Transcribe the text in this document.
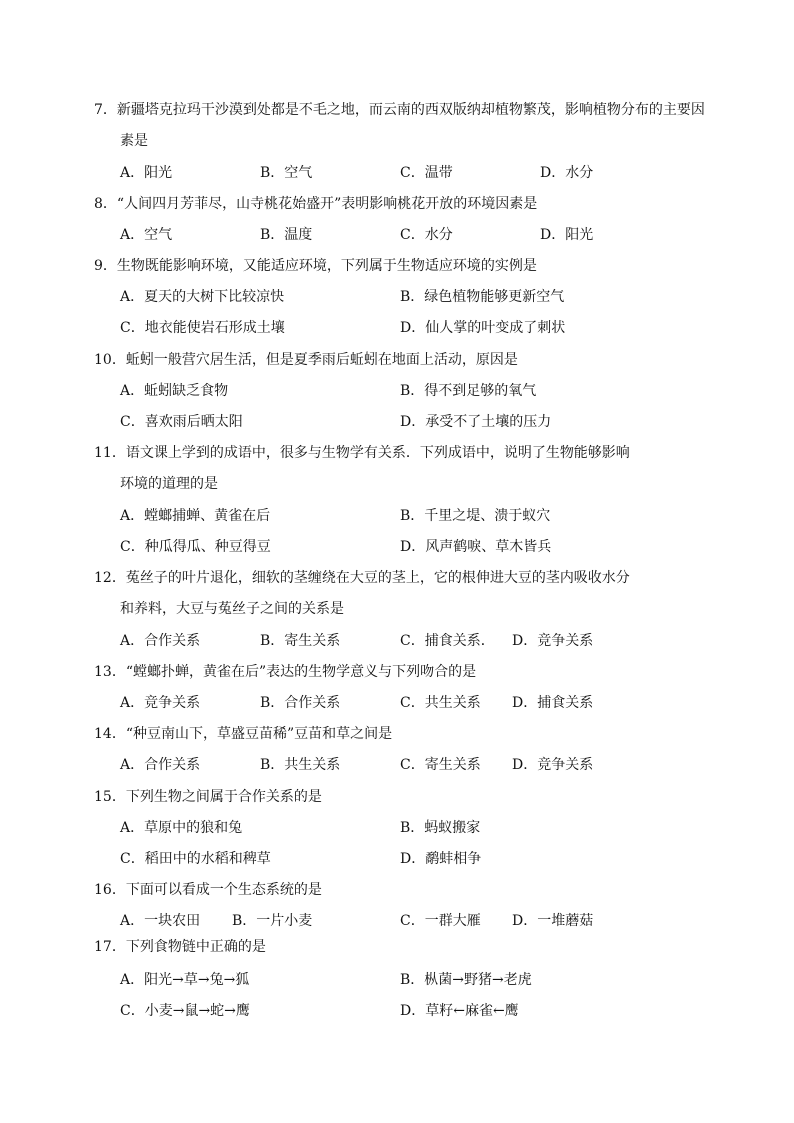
7．新疆塔克拉玛干沙漠到处都是不毛之地，而云南的西双版纳却植物繁茂，影响植物分布的主要因
素是
A．阳光	B．空气	C．温带	D．水分
8．“人间四月芳菲尽，山寺桃花始盛开”表明影响桃花开放的环境因素是
A．空气	B．温度	C．水分	D．阳光
9．生物既能影响环境，又能适应环境，下列属于生物适应环境的实例是
A．夏天的大树下比较凉快	B．绿色植物能够更新空气
C．地衣能使岩石形成土壤	D．仙人掌的叶变成了刺状
10．蚯蚓一般营穴居生活，但是夏季雨后蚯蚓在地面上活动，原因是
A．蚯蚓缺乏食物	B．得不到足够的氧气
C．喜欢雨后晒太阳	D．承受不了土壤的压力
11．语文课上学到的成语中，很多与生物学有关系．下列成语中，说明了生物能够影响
环境的道理的是
A．螳螂捕蝉、黄雀在后	B．千里之堤、溃于蚁穴
C．种瓜得瓜、种豆得豆	D．风声鹤唳、草木皆兵
12．菟丝子的叶片退化，细软的茎缠绕在大豆的茎上，它的根伸进大豆的茎内吸收水分
和养料，大豆与菟丝子之间的关系是
A．合作关系	B．寄生关系	C．捕食关系． D．竞争关系
13．“螳螂扑蝉，黄雀在后”表达的生物学意义与下列吻合的是
A．竞争关系	B．合作关系	C．共生关系 D．捕食关系
14．“种豆南山下，草盛豆苗稀”豆苗和草之间是
A．合作关系	B．共生关系	C．寄生关系 D．竞争关系
15．下列生物之间属于合作关系的是
A．草原中的狼和兔	B．蚂蚁搬家
C．稻田中的水稻和稗草	D．鹬蚌相争
16．下面可以看成一个生态系统的是
A．一块农田 B．一片小麦	C．一群大雁 D．一堆蘑菇
17．下列食物链中正确的是
A．阳光→草→兔→狐	B．枞菌→野猪→老虎
C．小麦→鼠→蛇→鹰	D．草籽←麻雀←鹰
